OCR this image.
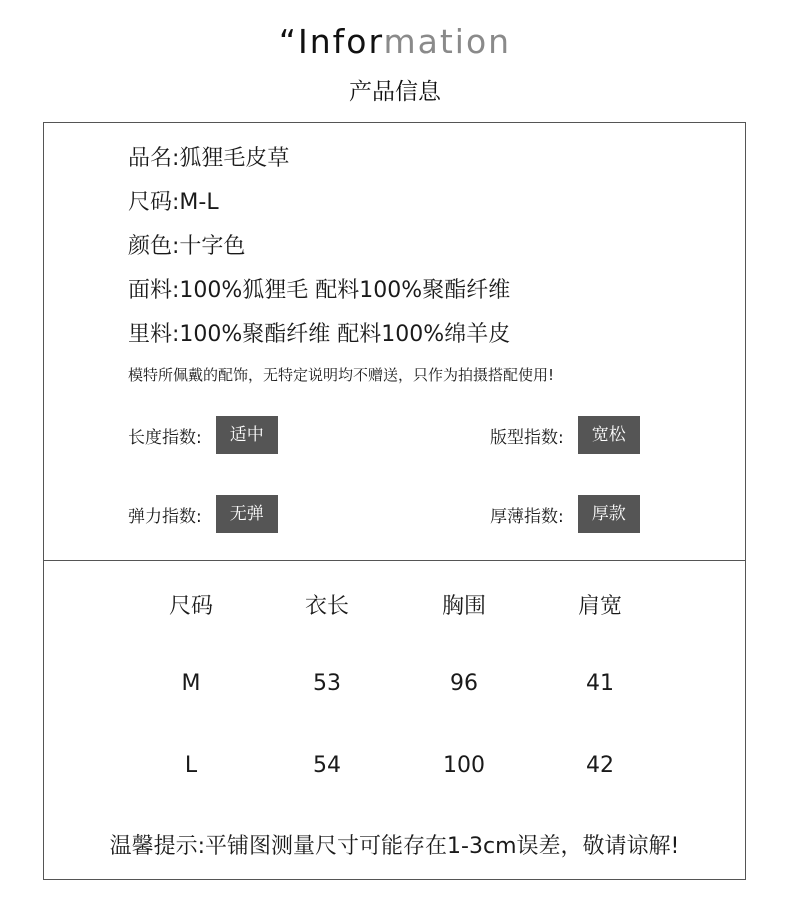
“Information
产品信息
品名:狐狸毛皮草
尺码:M-L
颜色:十字色
面料:100%狐狸毛 配料100%聚酯纤维
里料:100%聚酯纤维 配料100%绵羊皮
模特所佩戴的配饰，无特定说明均不赠送，只作为拍摄搭配使用!
长度指数:	适中	版型指数:	宽松
弹力指数:	无弹	厚薄指数:	厚款
尺码	衣长	胸围	肩宽
M	53	96	41
L	54	100	42
温馨提示:平铺图测量尺寸可能存在1-3cm误差，敬请谅解!
